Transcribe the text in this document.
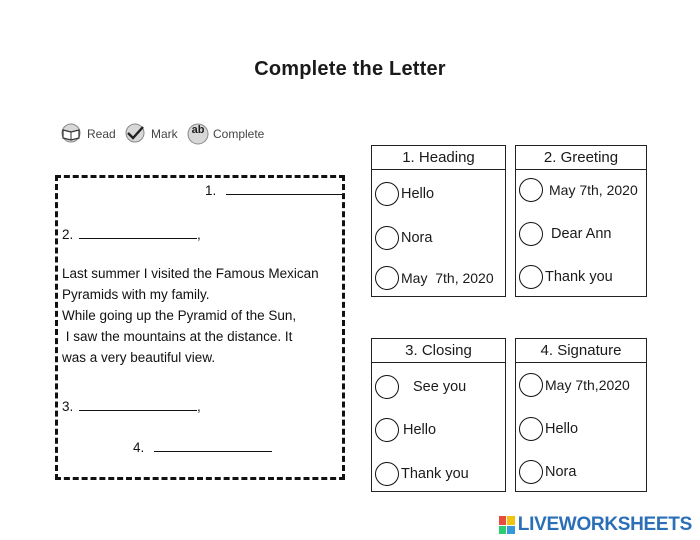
Complete the Letter
Read	Mark	ab Complete
1.
2.	,
Last summer I visited the Famous Mexican
Pyramids with my family.
While going up the Pyramid of the Sun,
I saw the mountains at the distance. It
was a very beautiful view.
3.	,
4.
1. Heading
Hello
Nora
May  7th, 2020
2. Greeting
May 7th, 2020
Dear Ann
Thank you
3. Closing
See you
Hello
Thank you
4. Signature
May 7th,2020
Hello
Nora
LIVEWORKSHEETS
